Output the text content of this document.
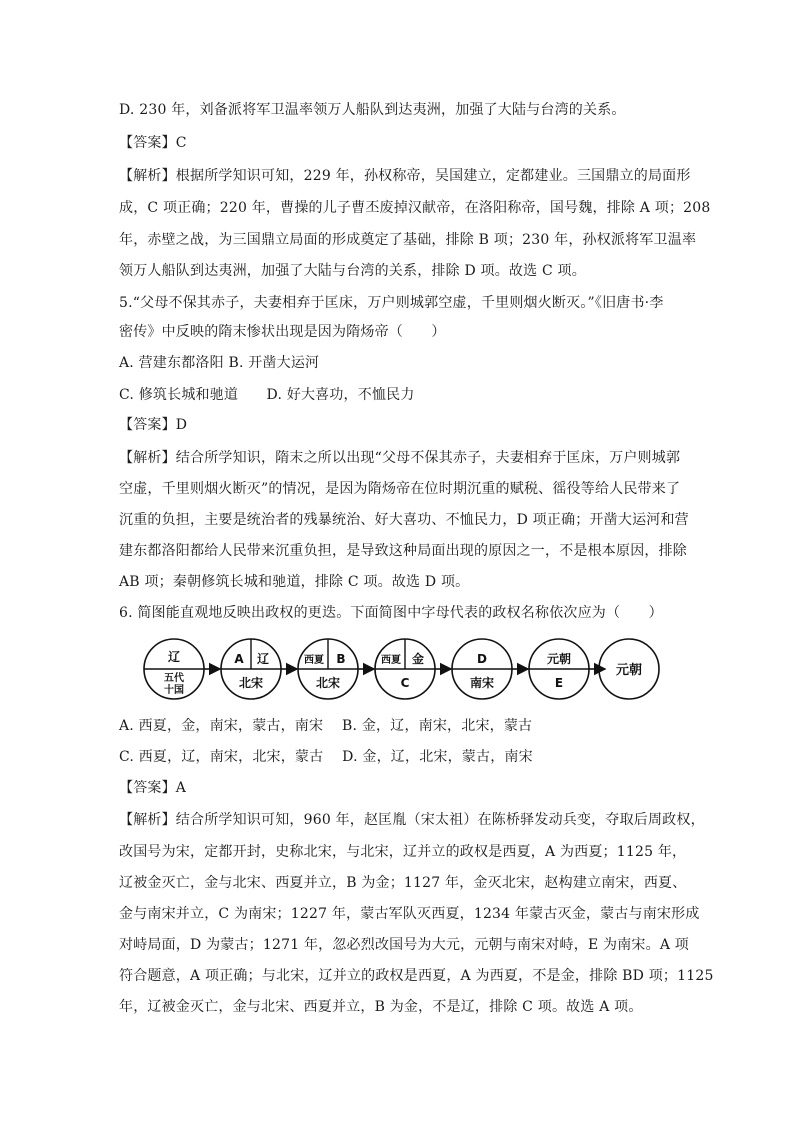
D. 230 年，刘备派将军卫温率领万人船队到达夷洲，加强了大陆与台湾的关系。
【答案】C
【解析】根据所学知识可知，229 年，孙权称帝，吴国建立，定都建业。三国鼎立的局面形
成，C 项正确；220 年，曹操的儿子曹丕废掉汉献帝，在洛阳称帝，国号魏，排除 A 项；208
年，赤壁之战，为三国鼎立局面的形成奠定了基础，排除 B 项；230 年，孙权派将军卫温率
领万人船队到达夷洲，加强了大陆与台湾的关系，排除 D 项。故选 C 项。
5.“父母不保其赤子，夫妻相弃于匡床，万户则城郭空虚，千里则烟火断灭。”《旧唐书·李
密传》中反映的隋末惨状出现是因为隋炀帝（　　）
A. 营建东都洛阳 B. 开凿大运河
C. 修筑长城和驰道　　D. 好大喜功，不恤民力
【答案】D
【解析】结合所学知识，隋末之所以出现“父母不保其赤子，夫妻相弃于匡床，万户则城郭
空虚，千里则烟火断灭”的情况，是因为隋炀帝在位时期沉重的赋税、徭役等给人民带来了
沉重的负担，主要是统治者的残暴统治、好大喜功、不恤民力，D 项正确；开凿大运河和营
建东都洛阳都给人民带来沉重负担，是导致这种局面出现的原因之一，不是根本原因，排除
AB 项；秦朝修筑长城和驰道，排除 C 项。故选 D 项。
6. 简图能直观地反映出政权的更迭。下面简图中字母代表的政权名称依次应为（　　）
辽
五代
十国
A 辽
北宋
西夏 B
北宋
西夏 金
C
D
南宋
元朝
E
元朝
A. 西夏，金，南宋，蒙古，南宋　 B. 金，辽，南宋，北宋，蒙古
C. 西夏，辽，南宋，北宋，蒙古　 D. 金，辽，北宋，蒙古，南宋
【答案】A
【解析】结合所学知识可知，960 年，赵匡胤（宋太祖）在陈桥驿发动兵变，夺取后周政权，
改国号为宋，定都开封，史称北宋，与北宋，辽并立的政权是西夏，A 为西夏；1125 年，
辽被金灭亡，金与北宋、西夏并立，B 为金；1127 年，金灭北宋，赵构建立南宋，西夏、
金与南宋并立，C 为南宋；1227 年，蒙古军队灭西夏，1234 年蒙古灭金，蒙古与南宋形成
对峙局面，D 为蒙古；1271 年，忽必烈改国号为大元，元朝与南宋对峙，E 为南宋。A 项
符合题意，A 项正确；与北宋，辽并立的政权是西夏，A 为西夏，不是金，排除 BD 项；1125
年，辽被金灭亡，金与北宋、西夏并立，B 为金，不是辽，排除 C 项。故选 A 项。
